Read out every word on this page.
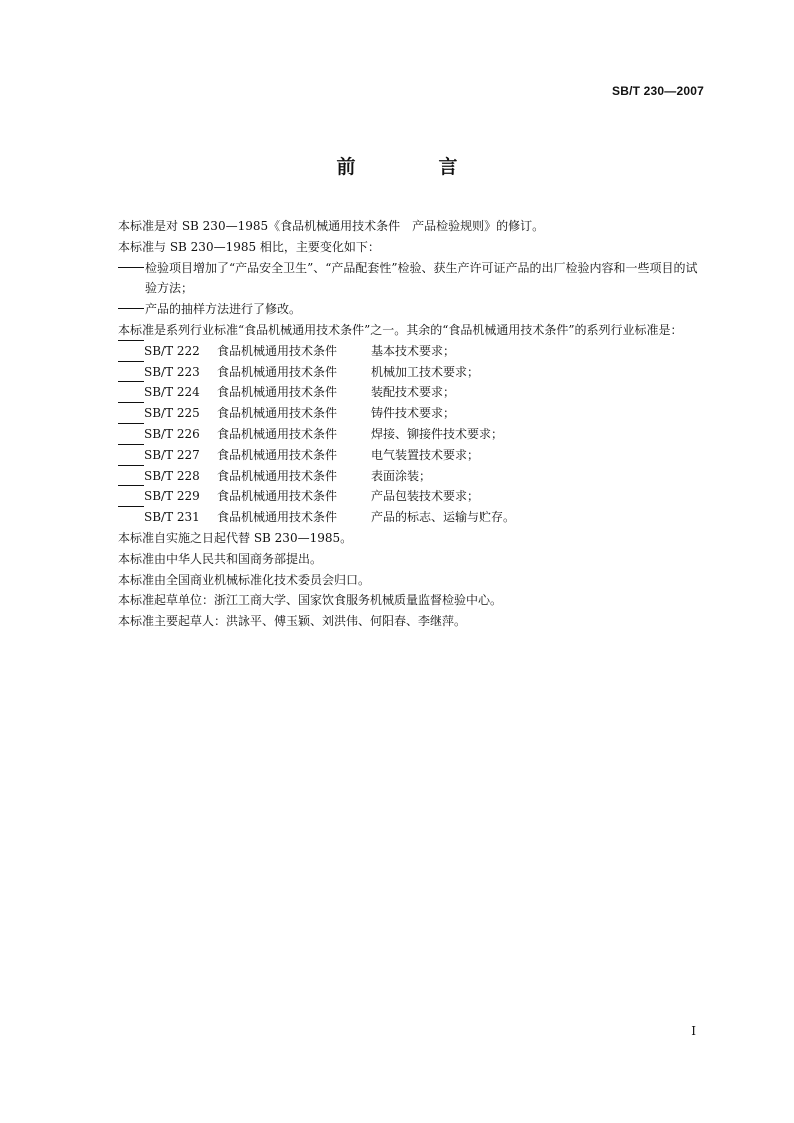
SB/T 230—2007
前　言

本标准是对 SB 230—1985《食品机械通用技术条件　产品检验规则》的修订。

本标准与 SB 230—1985 相比，主要变化如下：

检验项目增加了“产品安全卫生”、“产品配套性”检验、获生产许可证产品的出厂检验内容和一些项目的试验方法；
产品的抽样方法进行了修改。

本标准是系列行业标准“食品机械通用技术条件”之一。其余的“食品机械通用技术条件”的系列行业标准是：

SB/T 222	食品机械通用技术条件	基本技术要求；
SB/T 223	食品机械通用技术条件	机械加工技术要求；
SB/T 224	食品机械通用技术条件	装配技术要求；
SB/T 225	食品机械通用技术条件	铸件技术要求；
SB/T 226	食品机械通用技术条件	焊接、铆接件技术要求；
SB/T 227	食品机械通用技术条件	电气装置技术要求；
SB/T 228	食品机械通用技术条件	表面涂装；
SB/T 229	食品机械通用技术条件	产品包装技术要求；
SB/T 231	食品机械通用技术条件	产品的标志、运输与贮存。

本标准自实施之日起代替 SB 230—1985。

本标准由中华人民共和国商务部提出。

本标准由全国商业机械标准化技术委员会归口。

本标准起草单位：浙江工商大学、国家饮食服务机械质量监督检验中心。

本标准主要起草人：洪詠平、傅玉颖、刘洪伟、何阳春、李继萍。

I
